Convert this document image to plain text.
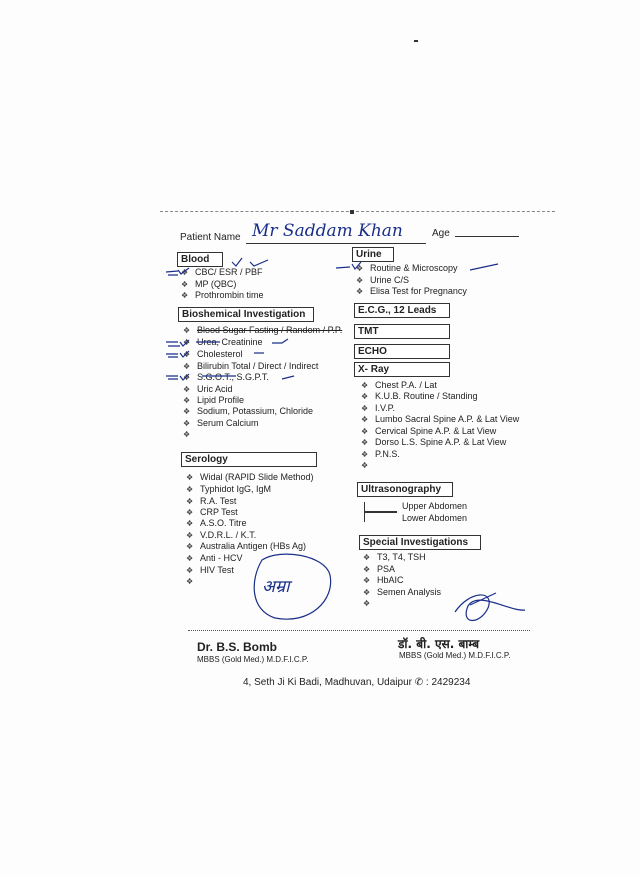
Patient Name Mr Saddam Khan	Age
Blood
❖ CBC/ ESR / PBF
❖ MP (QBC)
❖ Prothrombin time
Bioshemical Investigation
❖ Blood Sugar Fasting / Random / P.P.
❖ Urea, Creatinine
❖ Cholesterol
❖ Bilirubin Total / Direct / Indirect
❖ S.G.O.T., S.G.P.T.
❖ Uric Acid
❖ Lipid Profile
❖ Sodium, Potassium, Chloride
❖ Serum Calcium
❖
Serology
❖ Widal (RAPID Slide Method)
❖ Typhidot IgG, IgM
❖ R.A. Test
❖ CRP Test
❖ A.S.O. Titre
❖ V.D.R.L. / K.T.
❖ Australia Antigen (HBs Ag)
❖ Anti - HCV
❖ HIV Test
❖
Urine
❖ Routine & Microscopy
❖ Urine C/S
❖ Elisa Test for Pregnancy
E.C.G., 12 Leads
TMT
ECHO
X- Ray
❖ Chest P.A. / Lat
❖ K.U.B. Routine / Standing
❖ I.V.P.
❖ Lumbo Sacral Spine A.P. & Lat View
❖ Cervical Spine A.P. & Lat View
❖ Dorso L.S. Spine A.P. & Lat View
❖ P.N.S.
❖
Ultrasonography
Upper Abdomen
Lower Abdomen
Special Investigations
❖ T3, T4, TSH
❖ PSA
❖ HbAIC
❖ Semen Analysis
❖
अम्रा
Dr. B.S. Bomb
MBBS (Gold Med.) M.D.F.I.C.P.
डॉ. बी. एस. बाम्ब
MBBS (Gold Med.) M.D.F.I.C.P.
4, Seth Ji Ki Badi, Madhuvan, Udaipur ✆ : 2429234
